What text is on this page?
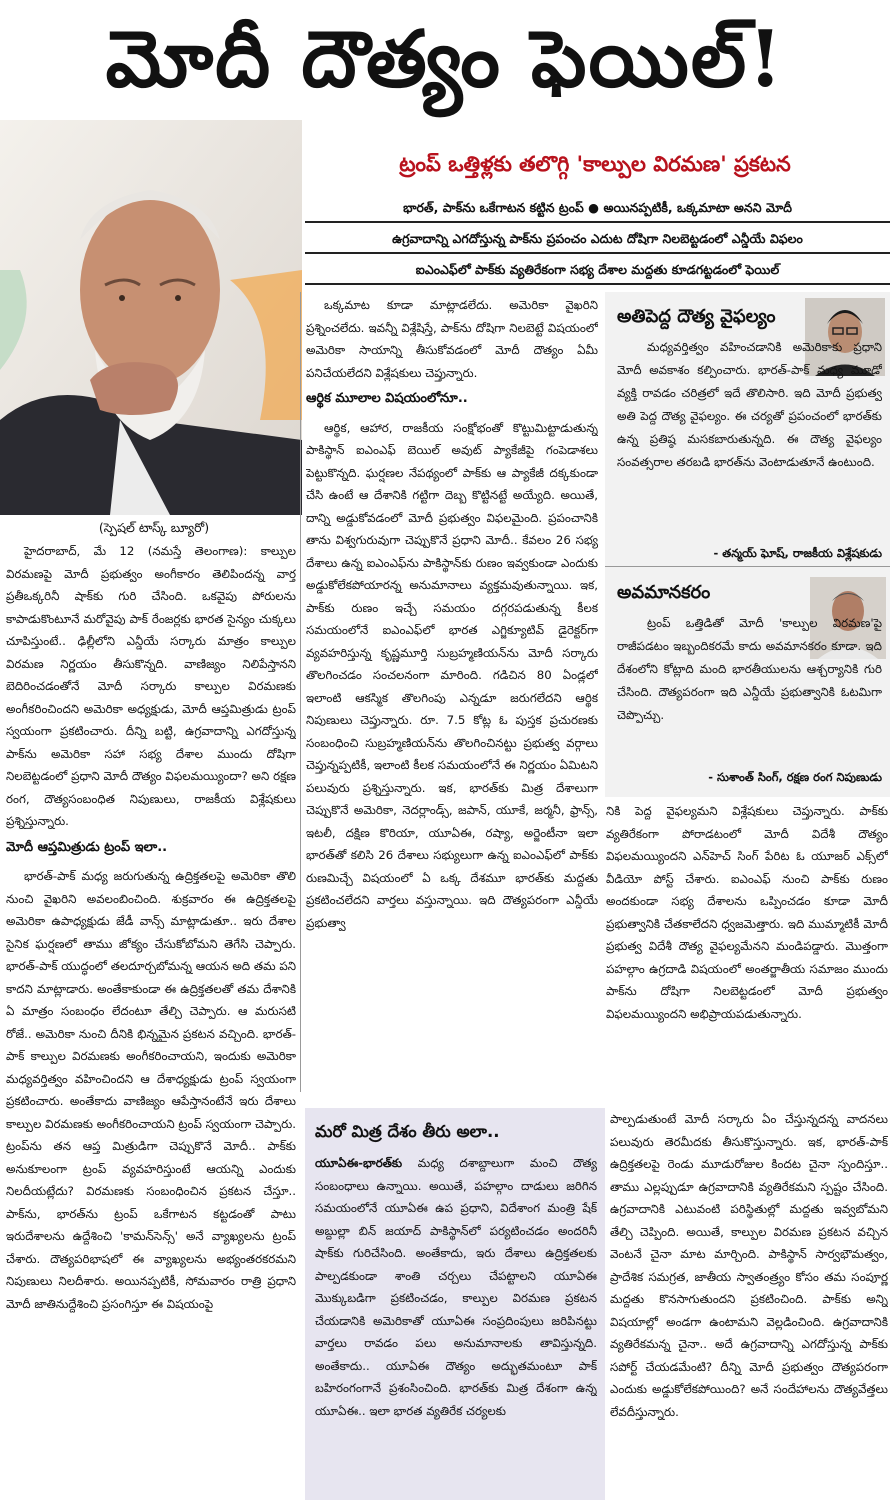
మోదీ దౌత్యం ఫెయిల్!
(స్పెషల్ టాస్క్ బ్యూరో)
ట్రంప్ ఒత్తిళ్లకు తలొగ్గి 'కాల్పుల విరమణ' ప్రకటన
భారత్, పాక్‌ను ఒకేగాటన కట్టిన ట్రంప్ ● అయినప్పటికీ, ఒక్కమాటా అనని మోదీ
ఉగ్రవాదాన్ని ఎగదోస్తున్న పాక్‌ను ప్రపంచం ఎదుట దోషిగా నిలబెట్టడంలో ఎన్డీయే విఫలం
ఐఎంఎఫ్‌లో పాక్‌కు వ్యతిరేకంగా సభ్య దేశాల మద్దతు కూడగట్టడంలో ఫెయిల్

హైదరాబాద్, మే 12 (నమస్తే తెలంగాణ): కాల్పుల విరమణపై మోదీ ప్రభుత్వం అంగీకారం తెలిపిందన్న వార్త ప్రతీఒక్కరినీ షాక్‌కు గురి చేసింది. ఒకవైపు పోరులను కాపాడుకొంటూనే మరోవైపు పాక్ రేంజర్లకు భారత సైన్యం చుక్కలు చూపిస్తుంటే.. ఢిల్లీలోని ఎన్డీయే సర్కారు మాత్రం కాల్పుల విరమణ నిర్ణయం తీసుకొన్నది. వాణిజ్యం నిలిపేస్తానని బెదిరించడంతోనే మోదీ సర్కారు కాల్పుల విరమణకు అంగీకరించిందని అమెరికా అధ్యక్షుడు, మోదీ ఆప్తమిత్రుడు ట్రంప్ స్వయంగా ప్రకటించారు. దీన్ని బట్టి, ఉగ్రవాదాన్ని ఎగదోస్తున్న పాక్‌ను అమెరికా సహా సభ్య దేశాల ముందు దోషిగా నిలబెట్టడంలో ప్రధాని మోదీ దౌత్యం విఫలమయ్యిందా? అని రక్షణ రంగ, దౌత్యసంబంధిత నిపుణులు, రాజకీయ విశ్లేషకులు ప్రశ్నిస్తున్నారు.

మోదీ ఆప్తమిత్రుడు ట్రంప్ ఇలా..

భారత్-పాక్ మధ్య జరుగుతున్న ఉద్రిక్తతలపై అమెరికా తొలి నుంచి వైఖరిని అవలంబించింది. శుక్రవారం ఈ ఉద్రిక్తతలపై అమెరికా ఉపాధ్యక్షుడు జేడీ వాన్స్ మాట్లాడుతూ.. ఇరు దేశాల సైనిక ఘర్షణలో తాము జోక్యం చేసుకోబోమని తెగేసి చెప్పారు. భారత్-పాక్ యుద్ధంలో తలదూర్చబోమన్న ఆయన అది తమ పని కాదని మాట్లాడారు. అంతేకాకుండా ఈ ఉద్రిక్తతలతో తమ దేశానికి ఏ మాత్రం సంబంధం లేదంటూ తేల్చి చెప్పారు. ఆ మరుసటి రోజే.. అమెరికా నుంచి దీనికి భిన్నమైన ప్రకటన వచ్చింది. భారత్-పాక్ కాల్పుల విరమణకు అంగీకరించాయని, ఇందుకు అమెరికా మధ్యవర్తిత్వం వహించిందని ఆ దేశాధ్యక్షుడు ట్రంప్ స్వయంగా ప్రకటించారు. అంతేకాదు వాణిజ్యం ఆపేస్తానంటేనే ఇరు దేశాలు కాల్పుల విరమణకు అంగీకరించాయని ట్రంప్ స్వయంగా చెప్పారు. ట్రంప్‌ను తన ఆప్త మిత్రుడిగా చెప్పుకొనే మోదీ.. పాక్‌కు అనుకూలంగా ట్రంప్ వ్యవహరిస్తుంటే ఆయన్ని ఎందుకు నిలదీయట్లేదు? విరమణకు సంబంధించిన ప్రకటన చేస్తూ.. పాక్‌ను, భారత్‌ను ట్రంప్ ఒకేగాటన కట్టడంతో పాటు ఇరుదేశాలను ఉద్దేశించి 'కామన్‌సెన్స్' అనే వ్యాఖ్యలను ట్రంప్ చేశారు. దౌత్యపరిభాషలో ఈ వ్యాఖ్యలను అభ్యంతరకరమని నిపుణులు నిలదీశారు. అయినప్పటికీ, సోమవారం రాత్రి ప్రధాని మోదీ జాతినుద్దేశించి ప్రసంగిస్తూ ఈ విషయంపై

ఒక్కమాట కూడా మాట్లాడలేదు. అమెరికా వైఖరిని ప్రశ్నించలేదు. ఇవన్నీ విశ్లేషిస్తే, పాక్‌ను దోషిగా నిలబెట్టే విషయంలో అమెరికా సాయాన్ని తీసుకోవడంలో మోదీ దౌత్యం ఏమీ పనిచేయలేదని విశ్లేషకులు చెప్తున్నారు.

ఆర్థిక మూలాల విషయంలోనూ..

ఆర్థిక, ఆహార, రాజకీయ సంక్షోభంతో కొట్టుమిట్టాడుతున్న పాకిస్థాన్ ఐఎంఎఫ్ బెయిల్ అవుట్ ప్యాకేజీపై గంపెడాశలు పెట్టుకొన్నది. ఘర్షణల నేపథ్యంలో పాక్‌కు ఆ ప్యాకేజీ దక్కకుండా చేసి ఉంటే ఆ దేశానికి గట్టిగా దెబ్బ కొట్టినట్టే అయ్యేది. అయితే, దాన్ని అడ్డుకోవడంలో మోదీ ప్రభుత్వం విఫలమైంది. ప్రపంచానికి తాను విశ్వగురువుగా చెప్పుకొనే ప్రధాని మోదీ.. కేవలం 26 సభ్య దేశాలు ఉన్న ఐఎంఎఫ్‌ను పాకిస్థాన్‌కు రుణం ఇవ్వకుండా ఎందుకు అడ్డుకోలేకపోయారన్న అనుమానాలు వ్యక్తమవుతున్నాయి. ఇక, పాక్‌కు రుణం ఇచ్చే సమయం దగ్గరపడుతున్న కీలక సమయంలోనే ఐఎంఎఫ్‌లో భారత ఎగ్జిక్యూటివ్ డైరెక్టర్‌గా వ్యవహరిస్తున్న కృష్ణమూర్తి సుబ్రహ్మణియన్‌ను మోదీ సర్కారు తొలగించడం సంచలనంగా మారింది. గడిచిన 80 ఏండ్లలో ఇలాంటి ఆకస్మిక తొలగింపు ఎన్నడూ జరుగలేదని ఆర్థిక నిపుణులు చెప్తున్నారు. రూ. 7.5 కోట్ల ఓ పుస్తక ప్రచురణకు సంబంధించి సుబ్రహ్మణియన్‌ను తొలగించినట్టు ప్రభుత్వ వర్గాలు చెప్తున్నప్పటికీ, ఇలాంటి కీలక సమయంలోనే ఈ నిర్ణయం ఏమిటని పలువురు ప్రశ్నిస్తున్నారు. ఇక, భారత్‌కు మిత్ర దేశాలుగా చెప్పుకొనే అమెరికా, నెదర్లాండ్స్, జపాన్, యూకే, జర్మనీ, ఫ్రాన్స్, ఇటలీ, దక్షిణ కొరియా, యూఏఈ, రష్యా, అర్జెంటీనా ఇలా భారత్‌తో కలిసి 26 దేశాలు సభ్యులుగా ఉన్న ఐఎంఎఫ్‌లో పాక్‌కు రుణమిచ్చే విషయంలో ఏ ఒక్క దేశమూ భారత్‌కు మద్దతు ప్రకటించలేదని వార్తలు వస్తున్నాయి. ఇది దౌత్యపరంగా ఎన్డీయే ప్రభుత్వా

అతిపెద్ద దౌత్య వైఫల్యం
మధ్యవర్తిత్వం వహించడానికి అమెరికాకు ప్రధాని మోదీ అవకాశం కల్పించారు. భారత్-పాక్ మధ్య మూడో వ్యక్తి రావడం చరిత్రలో ఇదే తొలిసారి. ఇది మోదీ ప్రభుత్వ అతి పెద్ద దౌత్య వైఫల్యం. ఈ చర్యతో ప్రపంచంలో భారత్‌కు ఉన్న ప్రతిష్ఠ మసకబారుతున్నది. ఈ దౌత్య వైఫల్యం సంవత్సరాల తరబడి భారత్‌ను వెంటాడుతూనే ఉంటుంది.
- తన్మయ్ ఘోష్, రాజకీయ విశ్లేషకుడు
అవమానకరం
ట్రంప్ ఒత్తిడితో మోదీ 'కాల్పుల విరమణ'పై రాజీపడటం ఇబ్బందికరమే కాదు అవమానకరం కూడా. ఇది దేశంలోని కోట్లాది మంది భారతీయులను ఆశ్చర్యానికి గురి చేసింది. దౌత్యపరంగా ఇది ఎన్డీయే ప్రభుత్వానికి ఓటమిగా చెప్పొచ్చు.
- సుశాంత్ సింగ్, రక్షణ రంగ నిపుణుడు

నికి పెద్ద వైఫల్యమని విశ్లేషకులు చెప్తున్నారు. పాక్‌కు వ్యతిరేకంగా పోరాడటంలో మోదీ విదేశీ దౌత్యం విఫలమయ్యిందని ఎన్‌హెచ్ సింగ్ పేరిట ఓ యూజర్ ఎక్స్‌లో వీడియో పోస్ట్ చేశారు. ఐఎంఎఫ్ నుంచి పాక్‌కు రుణం అందకుండా సభ్య దేశాలను ఒప్పించడం కూడా మోదీ ప్రభుత్వానికి చేతకాలేదని ధ్వజమెత్తారు. ఇది ముమ్మాటికీ మోదీ ప్రభుత్వ విదేశీ దౌత్య వైఫల్యమేనని మండిపడ్డారు. మొత్తంగా పహల్గాం ఉగ్రదాడి విషయంలో అంతర్జాతీయ సమాజం ముందు పాక్‌ను దోషిగా నిలబెట్టడంలో మోదీ ప్రభుత్వం విఫలమయ్యిందని అభిప్రాయపడుతున్నారు.

మరో మిత్ర దేశం తీరు అలా..

యూఏఈ-భారత్‌కు మధ్య దశాబ్దాలుగా మంచి దౌత్య సంబంధాలు ఉన్నాయి. అయితే, పహల్గాం దాడులు జరిగిన సమయంలోనే యూఏఈ ఉప ప్రధాని, విదేశాంగ మంత్రి షేక్ అబ్దుల్లా బిన్ జయాద్ పాకిస్థాన్‌లో పర్యటించడం అందరినీ షాక్‌కు గురిచేసింది. అంతేకాదు, ఇరు దేశాలు ఉద్రిక్తతలకు పాల్పడకుండా శాంతి చర్చలు చేపట్టాలని యూఏఈ మొక్కుబడిగా ప్రకటించడం, కాల్పుల విరమణ ప్రకటన చేయడానికి అమెరికాతో యూఏఈ సంప్రదింపులు జరిపినట్టు వార్తలు రావడం పలు అనుమానాలకు తావిస్తున్నది. అంతేకాదు.. యూఏఈ దౌత్యం అద్భుతమంటూ పాక్ బహిరంగంగానే ప్రశంసించింది. భారత్‌కు మిత్ర దేశంగా ఉన్న యూఏఈ.. ఇలా భారత వ్యతిరేక చర్యలకు

పాల్పడుతుంటే మోదీ సర్కారు ఏం చేస్తున్నదన్న వాదనలు పలువురు తెరమీదకు తీసుకొస్తున్నారు. ఇక, భారత్-పాక్ ఉద్రిక్తతలపై రెండు మూడురోజుల కిందట చైనా స్పందిస్తూ.. తాము ఎల్లప్పుడూ ఉగ్రవాదానికి వ్యతిరేకమని స్పష్టం చేసింది. ఉగ్రవాదానికి ఎటువంటి పరిస్థితుల్లో మద్దతు ఇవ్వబోమని తేల్చి చెప్పింది. అయితే, కాల్పుల విరమణ ప్రకటన వచ్చిన వెంటనే చైనా మాట మార్చింది. పాకిస్థాన్ సార్వభౌమత్వం, ప్రాదేశిక సమగ్రత, జాతీయ స్వాతంత్ర్యం కోసం తమ సంపూర్ణ మద్దతు కొనసాగుతుందని ప్రకటించింది. పాక్‌కు అన్ని విషయాల్లో అండగా ఉంటామని వెల్లడించింది. ఉగ్రవాదానికి వ్యతిరేకమన్న చైనా.. అదే ఉగ్రవాదాన్ని ఎగదోస్తున్న పాక్‌కు సపోర్ట్ చేయడమేంటి? దీన్ని మోదీ ప్రభుత్వం దౌత్యపరంగా ఎందుకు అడ్డుకోలేకపోయింది? అనే సందేహాలను దౌత్యవేత్తలు లేవదీస్తున్నారు.
